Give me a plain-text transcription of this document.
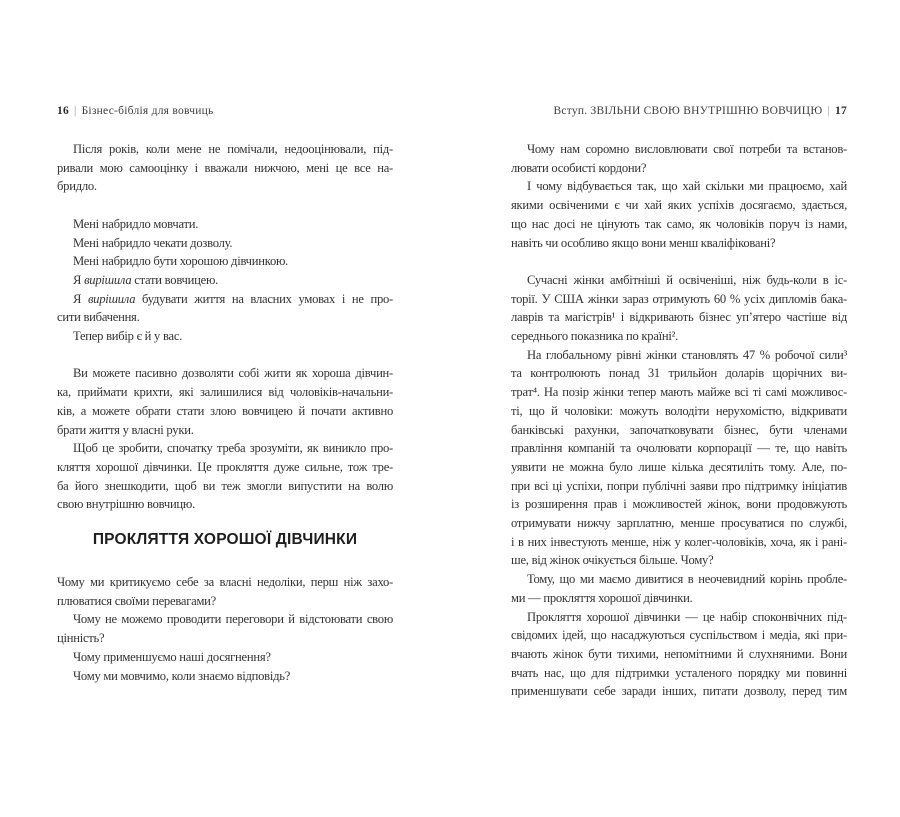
16 | Бізнес-біблія для вовчиць
Після років, коли мене не помічали, недооцінювали, під-
ривали мою самооцінку і вважали нижчою, мені це все на-
бридло.
Мені набридло мовчати.
Мені набридло чекати дозволу.
Мені набридло бути хорошою дівчинкою.
Я вирішила стати вовчицею.
Я вирішила будувати життя на власних умовах і не про-
сити вибачення.
Тепер вибір є й у вас.
Ви можете пасивно дозволяти собі жити як хороша дівчин-
ка, приймати крихти, які залишилися від чоловіків-начальни-
ків, а можете обрати стати злою вовчицею й почати активно
брати життя у власні руки.
Щоб це зробити, спочатку треба зрозуміти, як виникло про-
кляття хорошої дівчинки. Це прокляття дуже сильне, тож тре-
ба його знешкодити, щоб ви теж змогли випустити на волю
свою внутрішню вовчицю.
ПРОКЛЯТТЯ ХОРОШОЇ ДІВЧИНКИ
Чому ми критикуємо себе за власні недоліки, перш ніж захо-
плюватися своїми перевагами?
Чому не можемо проводити переговори й відстоювати свою
цінність?
Чому применшуємо наші досягнення?
Чому ми мовчимо, коли знаємо відповідь?
Вступ. ЗВІЛЬНИ СВОЮ ВНУТРІШНЮ ВОВЧИЦЮ | 17
Чому нам соромно висловлювати свої потреби та встанов-
лювати особисті кордони?
І чому відбувається так, що хай скільки ми працюємо, хай
якими освіченими є чи хай яких успіхів досягаємо, здається,
що нас досі не цінують так само, як чоловіків поруч із нами,
навіть чи особливо якщо вони менш кваліфіковані?
Сучасні жінки амбітніші й освіченіші, ніж будь-коли в іс-
торії. У США жінки зараз отримують 60 % усіх дипломів бака-
лаврів та магістрів¹ і відкривають бізнес уп’ятеро частіше від
середнього показника по країні².
На глобальному рівні жінки становлять 47 % робочої сили³
та контролюють понад 31 трильйон доларів щорічних ви-
трат⁴. На позір жінки тепер мають майже всі ті самі можливос-
ті, що й чоловіки: можуть володіти нерухомістю, відкривати
банківські рахунки, започатковувати бізнес, бути членами
правління компаній та очолювати корпорації — те, що навіть
уявити не можна було лише кілька десятиліть тому. Але, по-
при всі ці успіхи, попри публічні заяви про підтримку ініціатив
із розширення прав і можливостей жінок, вони продовжують
отримувати нижчу зарплатню, менше просуватися по службі,
і в них інвестують менше, ніж у колег-чоловіків, хоча, як і рані-
ше, від жінок очікується більше. Чому?
Тому, що ми маємо дивитися в неочевидний корінь пробле-
ми — прокляття хорошої дівчинки.
Прокляття хорошої дівчинки — це набір споконвічних під-
свідомих ідей, що насаджуються суспільством і медіа, які при-
вчають жінок бути тихими, непомітними й слухняними. Вони
вчать нас, що для підтримки усталеного порядку ми повинні
применшувати себе заради інших, питати дозволу, перед тим
